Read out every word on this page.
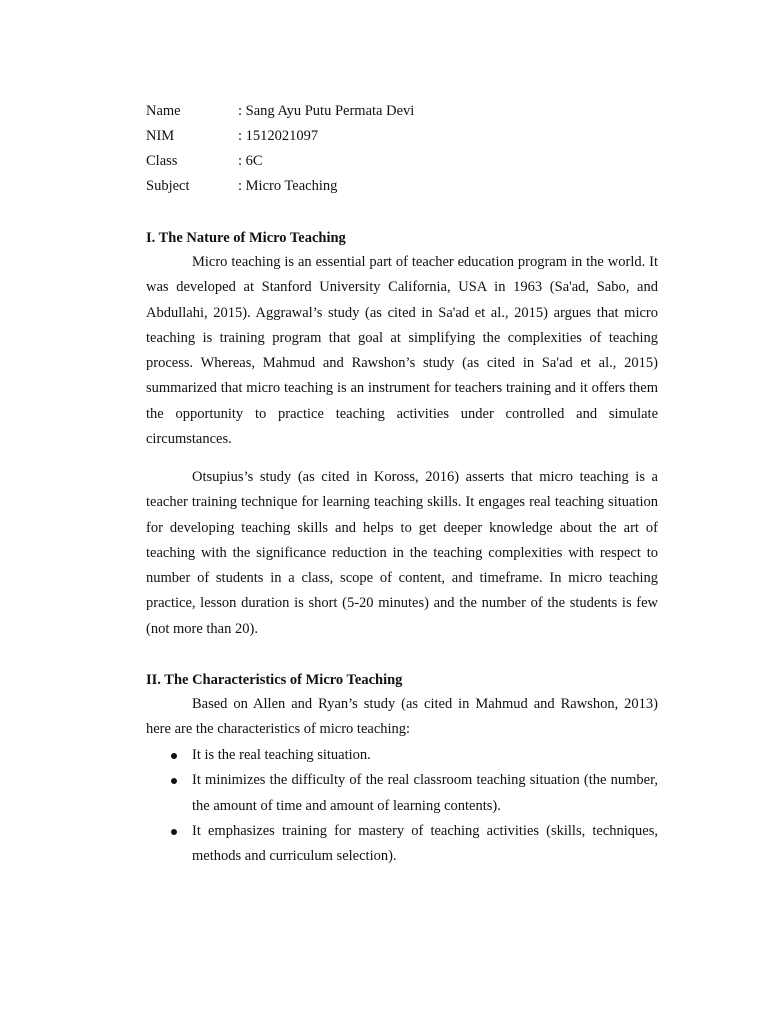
Name	: Sang Ayu Putu Permata Devi
NIM	: 1512021097
Class	: 6C
Subject	: Micro Teaching
I. The Nature of Micro Teaching

Micro teaching is an essential part of teacher education program in the world. It was developed at Stanford University California, USA in 1963 (Sa'ad, Sabo, and Abdullahi, 2015). Aggrawal’s study (as cited in Sa'ad et al., 2015) argues that micro teaching is training program that goal at simplifying the complexities of teaching process. Whereas, Mahmud and Rawshon’s study (as cited in Sa'ad et al., 2015) summarized that micro teaching is an instrument for teachers training and it offers them the opportunity to practice teaching activities under controlled and simulate circumstances.

Otsupius’s study (as cited in Koross, 2016) asserts that micro teaching is a teacher training technique for learning teaching skills. It engages real teaching situation for developing teaching skills and helps to get deeper knowledge about the art of teaching with the significance reduction in the teaching complexities with respect to number of students in a class, scope of content, and timeframe. In micro teaching practice, lesson duration is short (5-20 minutes) and the number of the students is few (not more than 20).

II. The Characteristics of Micro Teaching

Based on Allen and Ryan’s study (as cited in Mahmud and Rawshon, 2013) here are the characteristics of micro teaching:

It is the real teaching situation.
It minimizes the difficulty of the real classroom teaching situation (the number, the amount of time and amount of learning contents).
It emphasizes training for mastery of teaching activities (skills, techniques, methods and curriculum selection).
